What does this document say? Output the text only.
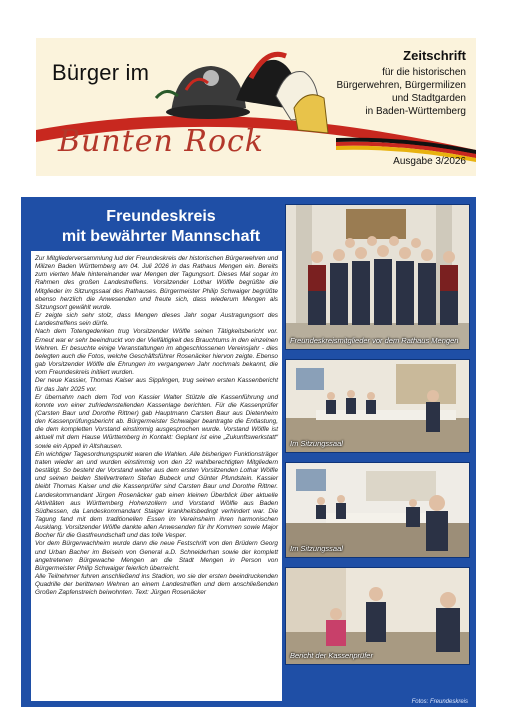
Bürger im
Bunten Rock
Zeitschrift
für die historischen
Bürgerwehren, Bürgermilizen
und Stadtgarden
in Baden-Württemberg
Ausgabe 3/2026
Freundeskreis
mit bewährter Mannschaft

Zur Mitgliederversammlung lud der Freundeskreis der historischen Bürgerwehren und Milizen Baden Württemberg am 04. Juli 2026 in das Rathaus Mengen ein. Bereits zum vierten Male hintereinander war Mengen der Tagungsort. Dieses Mal sogar im Rahmen des großen Landestreffens. Vorsitzender Lothar Wölfle begrüßte die Mitglieder im Sitzungssaal des Rathauses. Bürgermeister Philip Schwaiger begrüßte ebenso herzlich die Anwesenden und freute sich, dass wiederum Mengen als Sitzungsort gewählt wurde.

Er zeigte sich sehr stolz, dass Mengen dieses Jahr sogar Austragungsort des Landestreffens sein dürfe.

Nach dem Totengedenken trug Vorsitzender Wölfle seinen Tätigkeitsbericht vor. Erneut war er sehr beeindruckt von der Vielfältigkeit des Brauchtums in den einzelnen Wehren. Er besuchte einige Veranstaltungen im abgeschlossenen Vereinsjahr - dies belegten auch die Fotos, welche Geschäftsführer Rosenäcker hiervon zeigte. Ebenso gab Vorsitzender Wölfle die Ehrungen im vergangenen Jahr nochmals bekannt, die vom Freundeskreis initiiert wurden.

Der neue Kassier, Thomas Kaiser aus Sipplingen, trug seinen ersten Kassenbericht für das Jahr 2025 vor.

Er übernahm nach dem Tod von Kassier Walter Stützle die Kassenführung und konnte von einer zufriedenstellenden Kassenlage berichten. Für die Kassenprüfer (Carsten Baur und Dorothe Rittner) gab Hauptmann Carsten Baur aus Dietenheim den Kassenprüfungsbericht ab. Bürgermeister Schwaiger beantragte die Entlastung, die dem kompletten Vorstand einstimmig ausgesprochen wurde. Vorstand Wölfle ist aktuell mit dem Hause Württemberg in Kontakt: Geplant ist eine „Zukunftswerkstatt“ sowie ein Appell in Altshausen.

Ein wichtiger Tagesordnungspunkt waren die Wahlen. Alle bisherigen Funktionsträger traten wieder an und wurden einstimmig von den 22 wahlberechtigten Mitgliedern bestätigt. So besteht der Vorstand weiter aus dem ersten Vorsitzenden Lothar Wölfle und seinen beiden Stellvertretern Stefan Bubeck und Günter Pfundstein. Kassier bleibt Thomas Kaiser und die Kassenprüfer sind Carsten Baur und Dorothe Rittner. Landeskommandant Jürgen Rosenäcker gab einen kleinen Überblick über aktuelle Aktivitäten aus Württemberg Hohenzollern und Vorstand Wölfle aus Baden Südhessen, da Landeskommandant Staiger krankheitsbedingt verhindert war. Die Tagung fand mit dem traditionellen Essen im Vereinsheim ihren harmonischen Ausklang. Vorsitzender Wölfle dankte allen Anwesenden für ihr Kommen sowie Major Bocher für die Gastfreundschaft und das tolle Vesper.

Vor dem Bürgerwachheim wurde dann die neue Festschrift von den Brüdern Georg und Urban Bacher im Beisein von General a.D. Schneiderhan sowie der komplett angetretenen Bürgewache Mengen an die Stadt Mengen in Person von Bürgermeister Philip Schwaiger feierlich überreicht.

Alle Teilnehmer fuhren anschließend ins Stadion, wo sie der ersten beeindruckenden Quadrille der berittenen Wehren an einem Landestreffen und dem anschließenden Großen Zapfenstreich beiwohnten. Text: Jürgen Rosenäcker

Freundeskreismitglieder vor dem Rathaus Mengen
Im Sitzungssaal
Im Sitzungssaal
Bericht der Kassenprüfer
Fotos: Freundeskreis
